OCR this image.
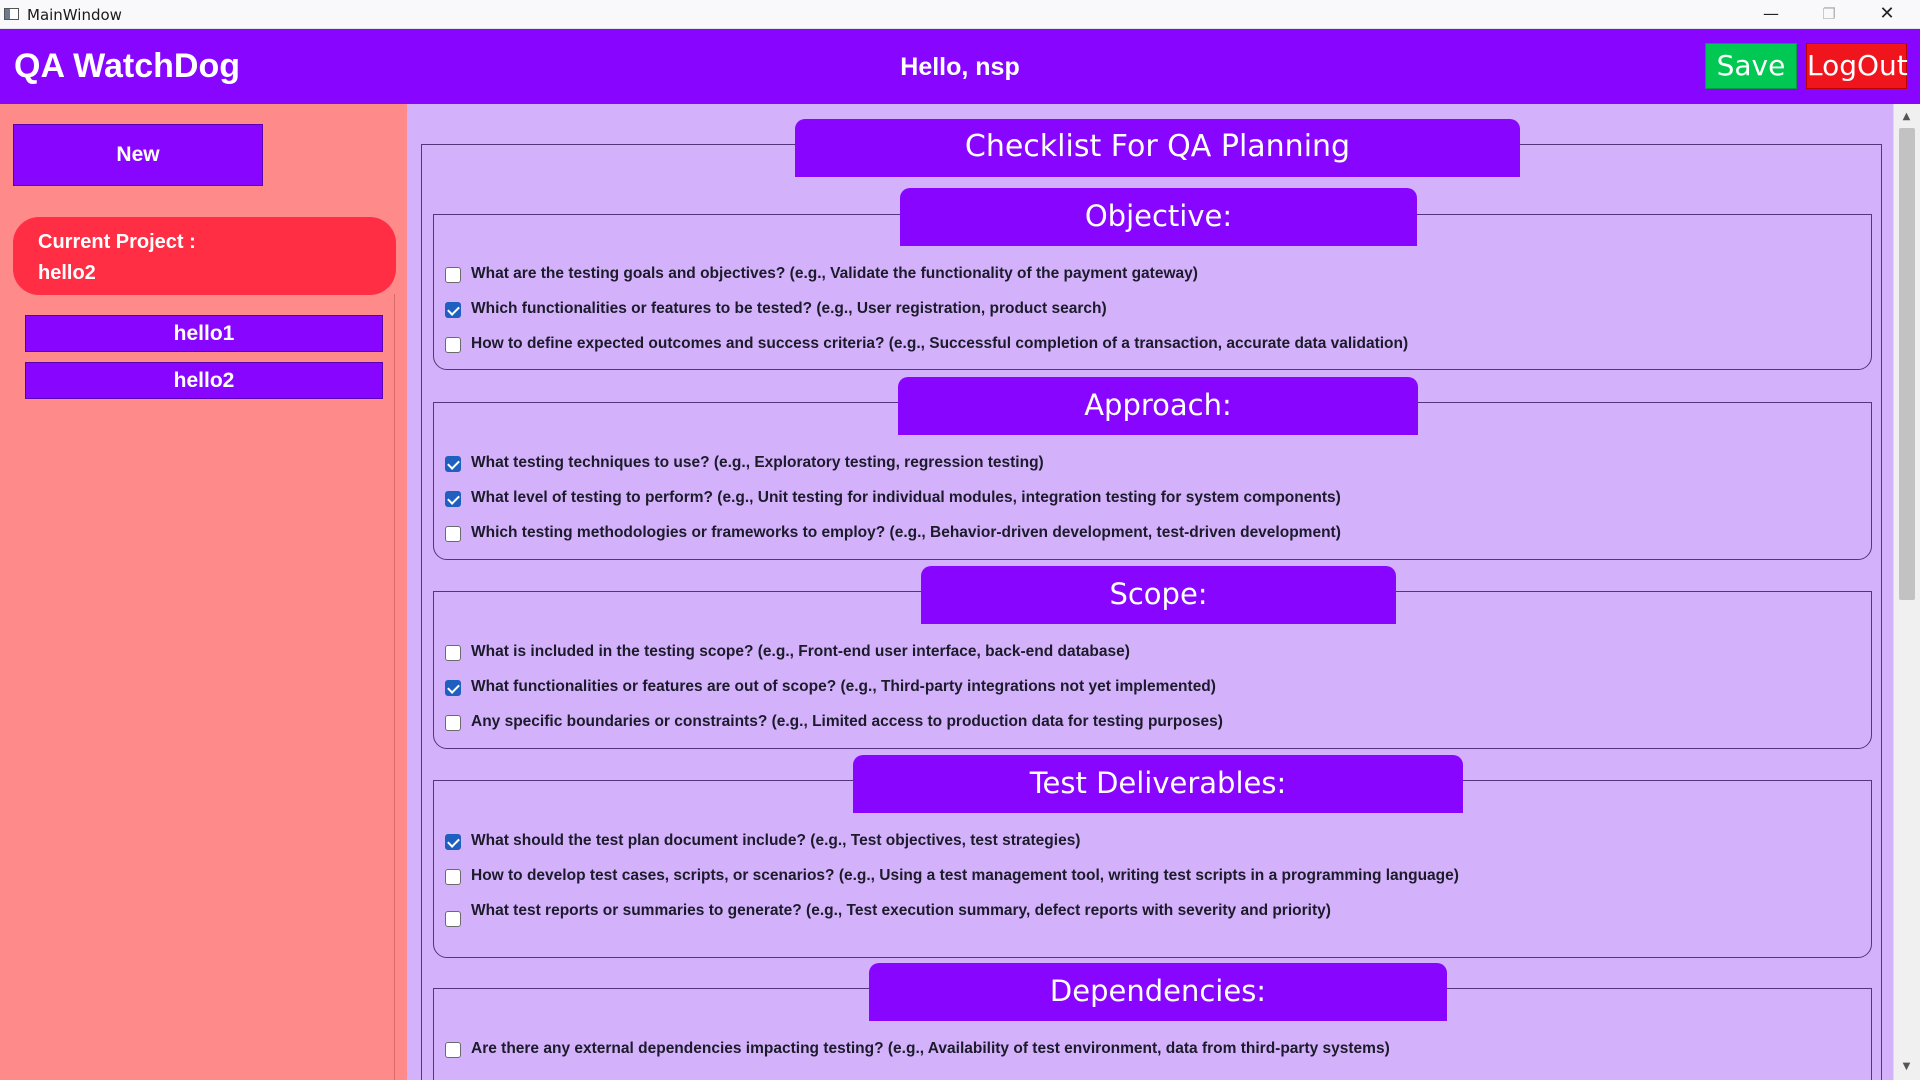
MainWindow	—	❐	✕
QA WatchDog	Hello, nsp	Save LogOut
New
Current Project :
hello2
hello1
hello2
Checklist For QA Planning
Objective:
What are the testing goals and objectives? (e.g., Validate the functionality of the payment gateway)
Which functionalities or features to be tested? (e.g., User registration, product search)
How to define expected outcomes and success criteria? (e.g., Successful completion of a transaction, accurate data validation)
Approach:
What testing techniques to use? (e.g., Exploratory testing, regression testing)
What level of testing to perform? (e.g., Unit testing for individual modules, integration testing for system components)
Which testing methodologies or frameworks to employ? (e.g., Behavior-driven development, test-driven development)
Scope:
What is included in the testing scope? (e.g., Front-end user interface, back-end database)
What functionalities or features are out of scope? (e.g., Third-party integrations not yet implemented)
Any specific boundaries or constraints? (e.g., Limited access to production data for testing purposes)
Test Deliverables:
What should the test plan document include? (e.g., Test objectives, test strategies)
How to develop test cases, scripts, or scenarios? (e.g., Using a test management tool, writing test scripts in a programming language)
What test reports or summaries to generate? (e.g., Test execution summary, defect reports with severity and priority)
Dependencies:
Are there any external dependencies impacting testing? (e.g., Availability of test environment, data from third-party systems)
▲
▼
